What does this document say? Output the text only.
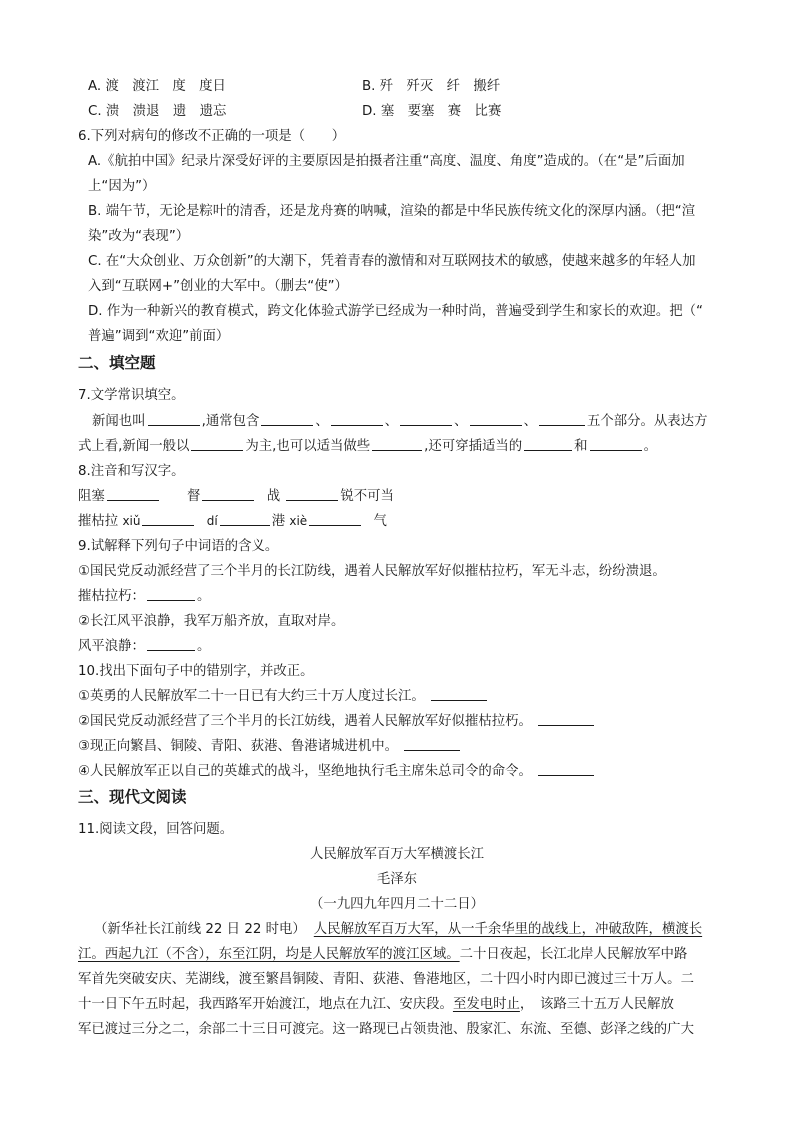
A. 渡　渡江　度　度日	B. 歼　歼灭　纤　搬纤
C. 溃　溃退　遗　遗忘	D. 塞　要塞　赛　比赛
6.下列对病句的修改不正确的一项是（　　）
A.《航拍中国》纪录片深受好评的主要原因是拍摄者注重“高度、温度、角度”造成的。（在“是”后面加
上“因为”）
B. 端午节，无论是粽叶的清香，还是龙舟赛的呐喊，渲染的都是中华民族传统文化的深厚内涵。（把“渲
染”改为“表现”）
C. 在“大众创业、万众创新”的大潮下，凭着青春的激情和对互联网技术的敏感，使越来越多的年轻人加
入到“互联网+”创业的大军中。（删去“使”）
D. 作为一种新兴的教育模式，跨文化体验式游学已经成为一种时尚，普遍受到学生和家长的欢迎。把（“
普遍”调到“欢迎”前面）
二、填空题
7.文学常识填空。
新闻也叫	,通常包含	、	、	、	、	五个部分。从表达方
式上看,新闻一般以	为主,也可以适当做些	,还可穿插适当的	和	。
8.注音和写汉字。
阻塞	督	战	锐不可当
摧枯拉 xiǔ	dí	港 xiè	气
9.试解释下列句子中词语的含义。
①国民党反动派经营了三个半月的长江防线，遇着人民解放军好似摧枯拉朽，军无斗志，纷纷溃退。
摧枯拉朽：	。
②长江风平浪静，我军万船齐放，直取对岸。
风平浪静：	。
10.找出下面句子中的错别字，并改正。
①英勇的人民解放军二十一日已有大约三十万人度过长江。
②国民党反动派经营了三个半月的长江妨线，遇着人民解放军好似摧枯拉朽。
③现正向繁昌、铜陵、青阳、荻港、鲁港诸城进机中。
④人民解放军正以自己的英雄式的战斗，坚绝地执行毛主席朱总司令的命令。
三、现代文阅读
11.阅读文段，回答问题。
人民解放军百万大军横渡长江
毛泽东
（一九四九年四月二十二日）
（新华社长江前线 22 日 22 时电） 人民解放军百万大军，从一千余华里的战线上，冲破敌阵，横渡长
江。西起九江（不含），东至江阴，均是人民解放军的渡江区域。二十日夜起，长江北岸人民解放军中路
军首先突破安庆、芜湖线，渡至繁昌铜陵、青阳、荻港、鲁港地区，二十四小时内即已渡过三十万人。二
十一日下午五时起，我西路军开始渡江，地点在九江、安庆段。至发电时止，　该路三十五万人民解放
军已渡过三分之二，余部二十三日可渡完。这一路现已占领贵池、殷家汇、东流、至德、彭泽之线的广大
